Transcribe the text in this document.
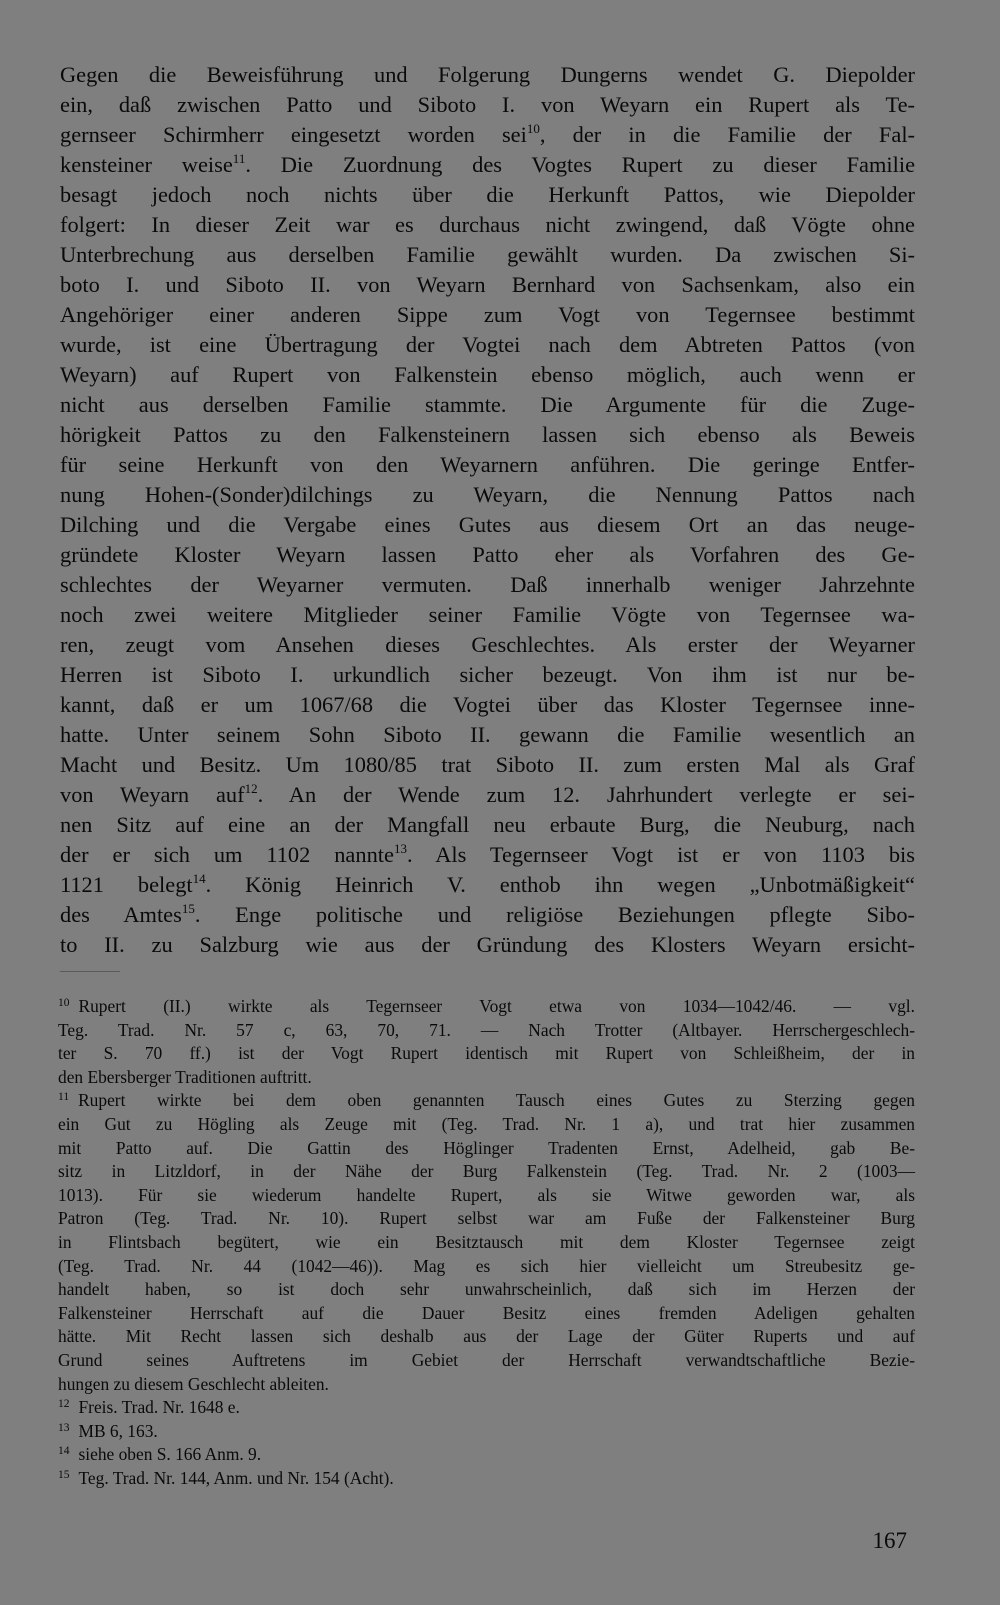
Gegen die Beweisführung und Folgerung Dungerns wendet G. Diepolder
ein, daß zwischen Patto und Siboto I. von Weyarn ein Rupert als Te-
gernseer Schirmherr eingesetzt worden sei$^{10}$, der in die Familie der Fal-
kensteiner weise$^{11}$. Die Zuordnung des Vogtes Rupert zu dieser Familie
besagt jedoch noch nichts über die Herkunft Pattos, wie Diepolder
folgert: In dieser Zeit war es durchaus nicht zwingend, daß Vögte ohne
Unterbrechung aus derselben Familie gewählt wurden. Da zwischen Si-
boto I. und Siboto II. von Weyarn Bernhard von Sachsenkam, also ein
Angehöriger einer anderen Sippe zum Vogt von Tegernsee bestimmt
wurde, ist eine Übertragung der Vogtei nach dem Abtreten Pattos (von
Weyarn) auf Rupert von Falkenstein ebenso möglich, auch wenn er
nicht aus derselben Familie stammte. Die Argumente für die Zuge-
hörigkeit Pattos zu den Falkensteinern lassen sich ebenso als Beweis
für seine Herkunft von den Weyarnern anführen. Die geringe Entfer-
nung Hohen-(Sonder)dilchings zu Weyarn, die Nennung Pattos nach
Dilching und die Vergabe eines Gutes aus diesem Ort an das neuge-
gründete Kloster Weyarn lassen Patto eher als Vorfahren des Ge-
schlechtes der Weyarner vermuten. Daß innerhalb weniger Jahrzehnte
noch zwei weitere Mitglieder seiner Familie Vögte von Tegernsee wa-
ren, zeugt vom Ansehen dieses Geschlechtes. Als erster der Weyarner
Herren ist Siboto I. urkundlich sicher bezeugt. Von ihm ist nur be-
kannt, daß er um 1067/68 die Vogtei über das Kloster Tegernsee inne-
hatte. Unter seinem Sohn Siboto II. gewann die Familie wesentlich an
Macht und Besitz. Um 1080/85 trat Siboto II. zum ersten Mal als Graf
von Weyarn auf$^{12}$. An der Wende zum 12. Jahrhundert verlegte er sei-
nen Sitz auf eine an der Mangfall neu erbaute Burg, die Neuburg, nach
der er sich um 1102 nannte$^{13}$. Als Tegernseer Vogt ist er von 1103 bis
1121 belegt$^{14}$. König Heinrich V. enthob ihn wegen „Unbotmäßigkeit“
des Amtes$^{15}$. Enge politische und religiöse Beziehungen pflegte Sibo-
to II. zu Salzburg wie aus der Gründung des Klosters Weyarn ersicht-
$^{10}$ Rupert (II.) wirkte als Tegernseer Vogt etwa von 1034—1042/46. — vgl.
Teg. Trad. Nr. 57 c, 63, 70, 71. — Nach Trotter (Altbayer. Herrschergeschlech-
ter S. 70 ff.) ist der Vogt Rupert identisch mit Rupert von Schleißheim, der in
den Ebersberger Traditionen auftritt.
$^{11}$ Rupert wirkte bei dem oben genannten Tausch eines Gutes zu Sterzing gegen
ein Gut zu Högling als Zeuge mit (Teg. Trad. Nr. 1 a), und trat hier zusammen
mit Patto auf. Die Gattin des Höglinger Tradenten Ernst, Adelheid, gab Be-
sitz in Litzldorf, in der Nähe der Burg Falkenstein (Teg. Trad. Nr. 2 (1003—
1013). Für sie wiederum handelte Rupert, als sie Witwe geworden war, als
Patron (Teg. Trad. Nr. 10). Rupert selbst war am Fuße der Falkensteiner Burg
in Flintsbach begütert, wie ein Besitztausch mit dem Kloster Tegernsee zeigt
(Teg. Trad. Nr. 44 (1042—46)). Mag es sich hier vielleicht um Streubesitz ge-
handelt haben, so ist doch sehr unwahrscheinlich, daß sich im Herzen der
Falkensteiner Herrschaft auf die Dauer Besitz eines fremden Adeligen gehalten
hätte. Mit Recht lassen sich deshalb aus der Lage der Güter Ruperts und auf
Grund seines Auftretens im Gebiet der Herrschaft verwandtschaftliche Bezie-
hungen zu diesem Geschlecht ableiten.
$^{12}$ Freis. Trad. Nr. 1648 e.
$^{13}$ MB 6, 163.
$^{14}$ siehe oben S. 166 Anm. 9.
$^{15}$ Teg. Trad. Nr. 144, Anm. und Nr. 154 (Acht).
167
